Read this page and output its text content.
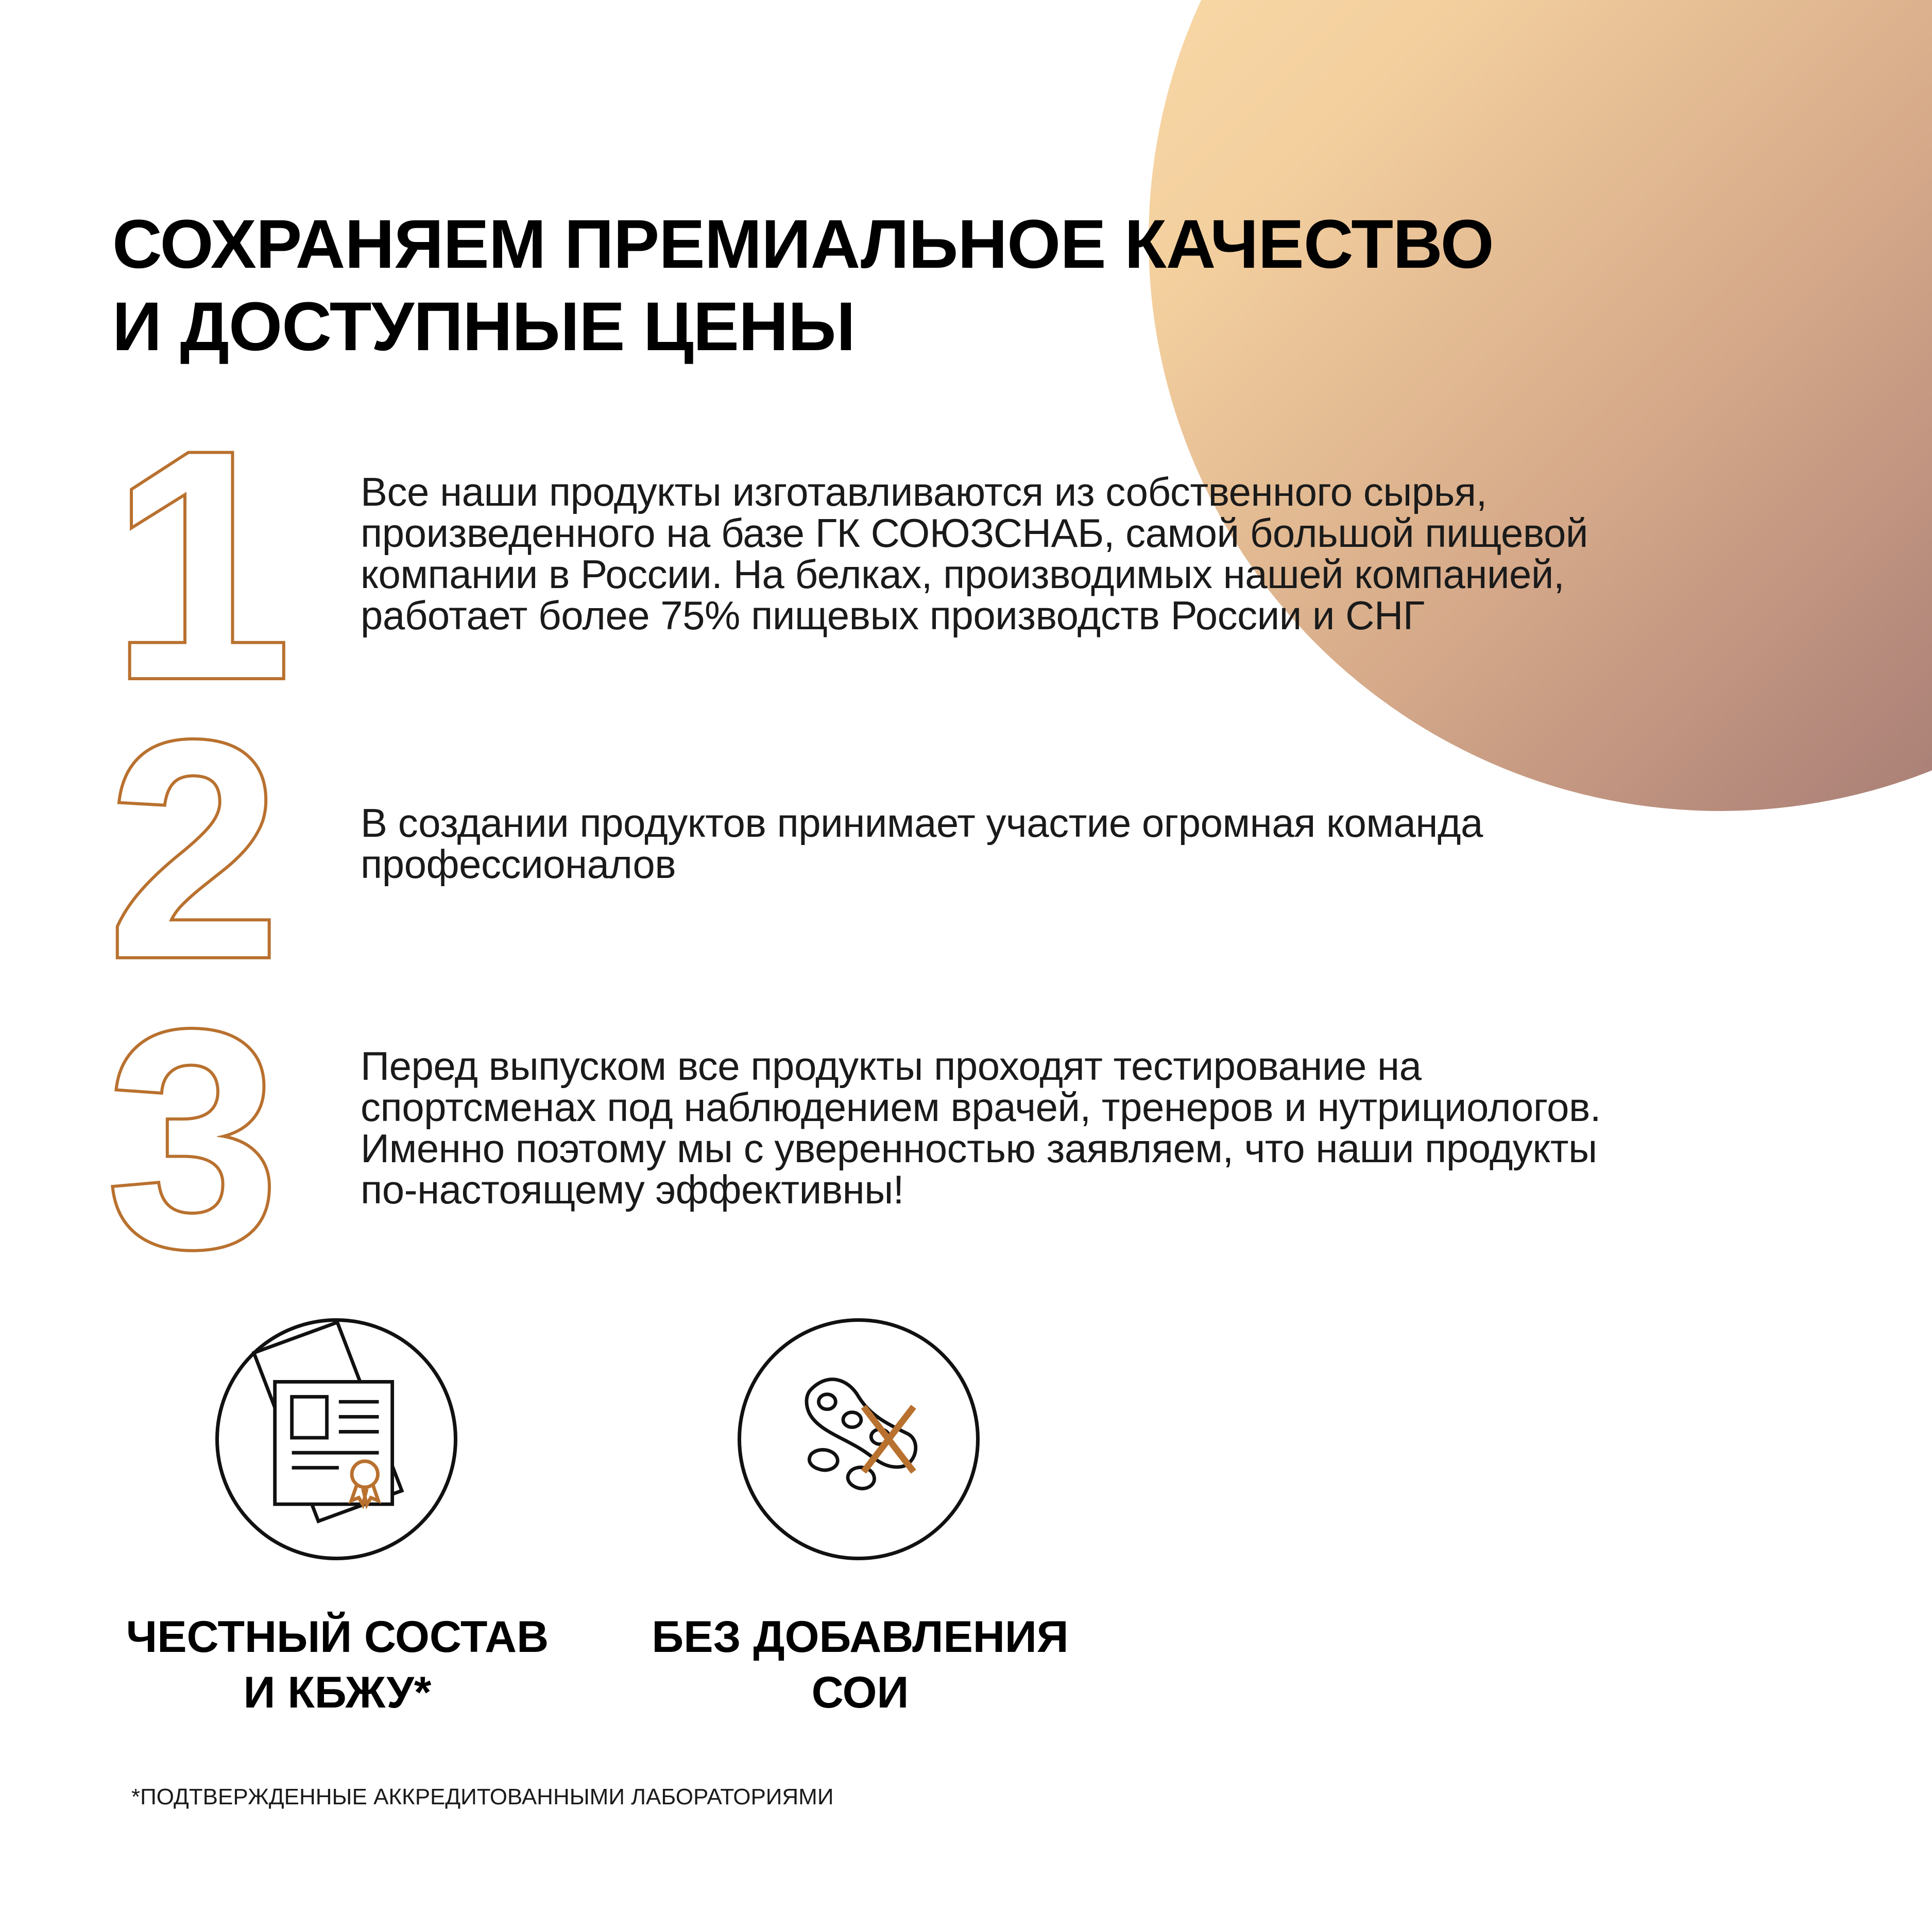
СОХРАНЯЕМ ПРЕМИАЛЬНОЕ КАЧЕСТВО
И ДОСТУПНЫЕ ЦЕНЫ
1 Все наши продукты изготавливаются из собственного сырья,
произведенного на базе ГК СОЮЗСНАБ, самой большой пищевой
компании в России. На белках, производимых нашей компанией,
работает более 75% пищевых производств России и СНГ

2 В создании продуктов принимает участие огромная команда
профессионалов

3 Перед выпуском все продукты проходят тестирование на
спортсменах под наблюдением врачей, тренеров и нутрициологов.
Именно поэтому мы с уверенностью заявляем, что наши продукты
по-настоящему эффективны!

ЧЕСТНЫЙ СОСТАВ
И КБЖУ*

БЕЗ ДОБАВЛЕНИЯ
СОИ

*ПОДТВЕРЖДЕННЫЕ АККРЕДИТОВАННЫМИ ЛАБОРАТОРИЯМИ
